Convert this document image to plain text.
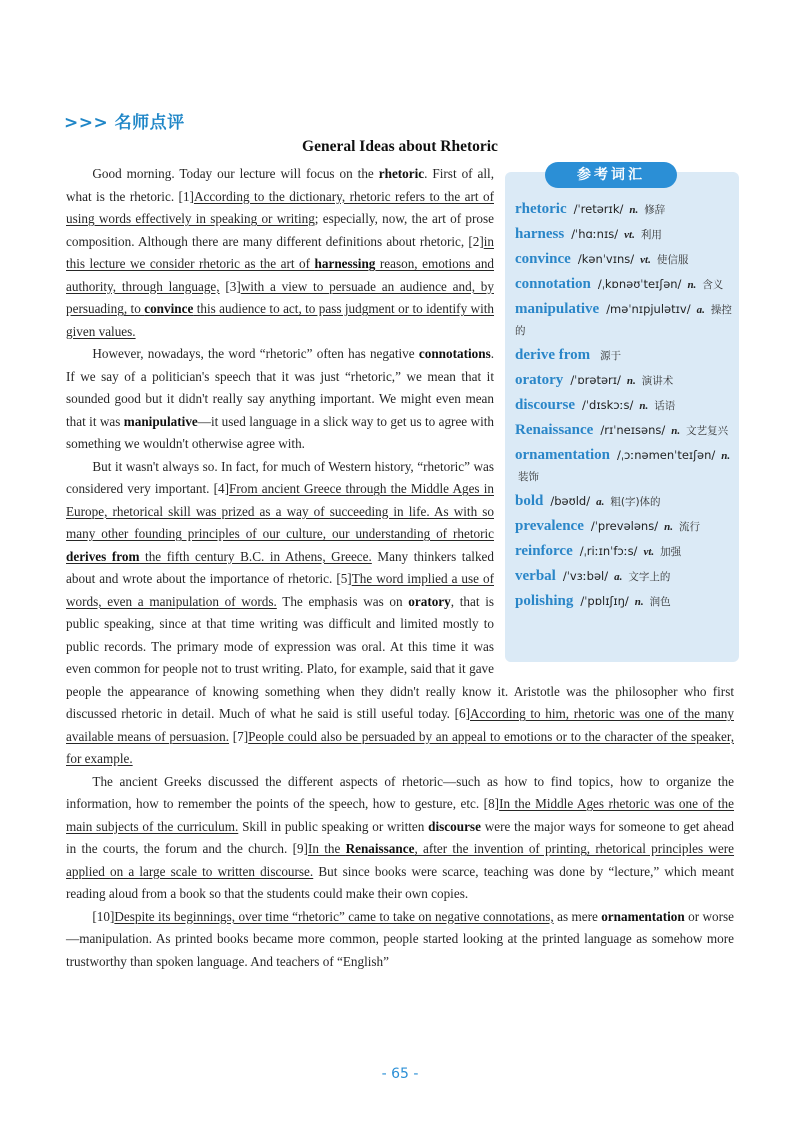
>>> 名师点评
General Ideas about Rhetoric
参考词汇
rhetoric /ˈretərɪk/ n. 修辞
harness /ˈhɑːnɪs/ vt. 利用
convince /kənˈvɪns/ vt. 使信服
connotation /ˌkɒnəʊˈteɪʃən/ n. 含义
manipulative /məˈnɪpjulətɪv/ a. 操控的
derive from 源于
oratory /ˈɒrətərɪ/ n. 演讲术
discourse /ˈdɪskɔːs/ n. 话语
Renaissance /rɪˈneɪsəns/ n. 文艺复兴
ornamentation /ˌɔːnəmenˈteɪʃən/ n. 装饰
bold /bəʊld/ a. 粗(字)体的
prevalence /ˈprevələns/ n. 流行
reinforce /ˌriːɪnˈfɔːs/ vt. 加强
verbal /ˈvɜːbəl/ a. 文字上的
polishing /ˈpɒlɪʃɪŋ/ n. 润色

Good morning. Today our lecture will focus on the rhetoric. First of all, what is the rhetoric. [1]According to the dictionary, rhetoric refers to the art of using words effectively in speaking or writing; especially, now, the art of prose composition. Although there are many different definitions about rhetoric, [2]in this lecture we consider rhetoric as the art of harnessing reason, emotions and authority, through language, [3]with a view to persuade an audience and, by persuading, to convince this audience to act, to pass judgment or to identify with given values.

However, nowadays, the word “rhetoric” often has negative connotations. If we say of a politician's speech that it was just “rhetoric,” we mean that it sounded good but it didn't really say anything important. We might even mean that it was manipulative—it used language in a slick way to get us to agree with something we wouldn't otherwise agree with.

But it wasn't always so. In fact, for much of Western history, “rhetoric” was considered very important. [4]From ancient Greece through the Middle Ages in Europe, rhetorical skill was prized as a way of succeeding in life. As with so many other founding principles of our culture, our understanding of rhetoric derives from the fifth century B.C. in Athens, Greece. Many thinkers talked about and wrote about the importance of rhetoric. [5]The word implied a use of words, even a manipulation of words. The emphasis was on oratory, that is public speaking, since at that time writing was difficult and limited mostly to public records. The primary mode of expression was oral. At this time it was even common for people not to trust writing. Plato, for example, said that it gave people the appearance of knowing something when they didn't really know it. Aristotle was the philosopher who first discussed rhetoric in detail. Much of what he said is still useful today. [6]According to him, rhetoric was one of the many available means of persuasion. [7]People could also be persuaded by an appeal to emotions or to the character of the speaker, for example.

The ancient Greeks discussed the different aspects of rhetoric—such as how to find topics, how to organize the information, how to remember the points of the speech, how to gesture, etc. [8]In the Middle Ages rhetoric was one of the main subjects of the curriculum. Skill in public speaking or written discourse were the major ways for someone to get ahead in the courts, the forum and the church. [9]In the Renaissance, after the invention of printing, rhetorical principles were applied on a large scale to written discourse. But since books were scarce, teaching was done by “lecture,” which meant reading aloud from a book so that the students could make their own copies.

[10]Despite its beginnings, over time “rhetoric” came to take on negative connotations, as mere ornamentation or worse—manipulation. As printed books became more common, people started looking at the printed language as somehow more trustworthy than spoken language. And teachers of “English”

- 65 -
